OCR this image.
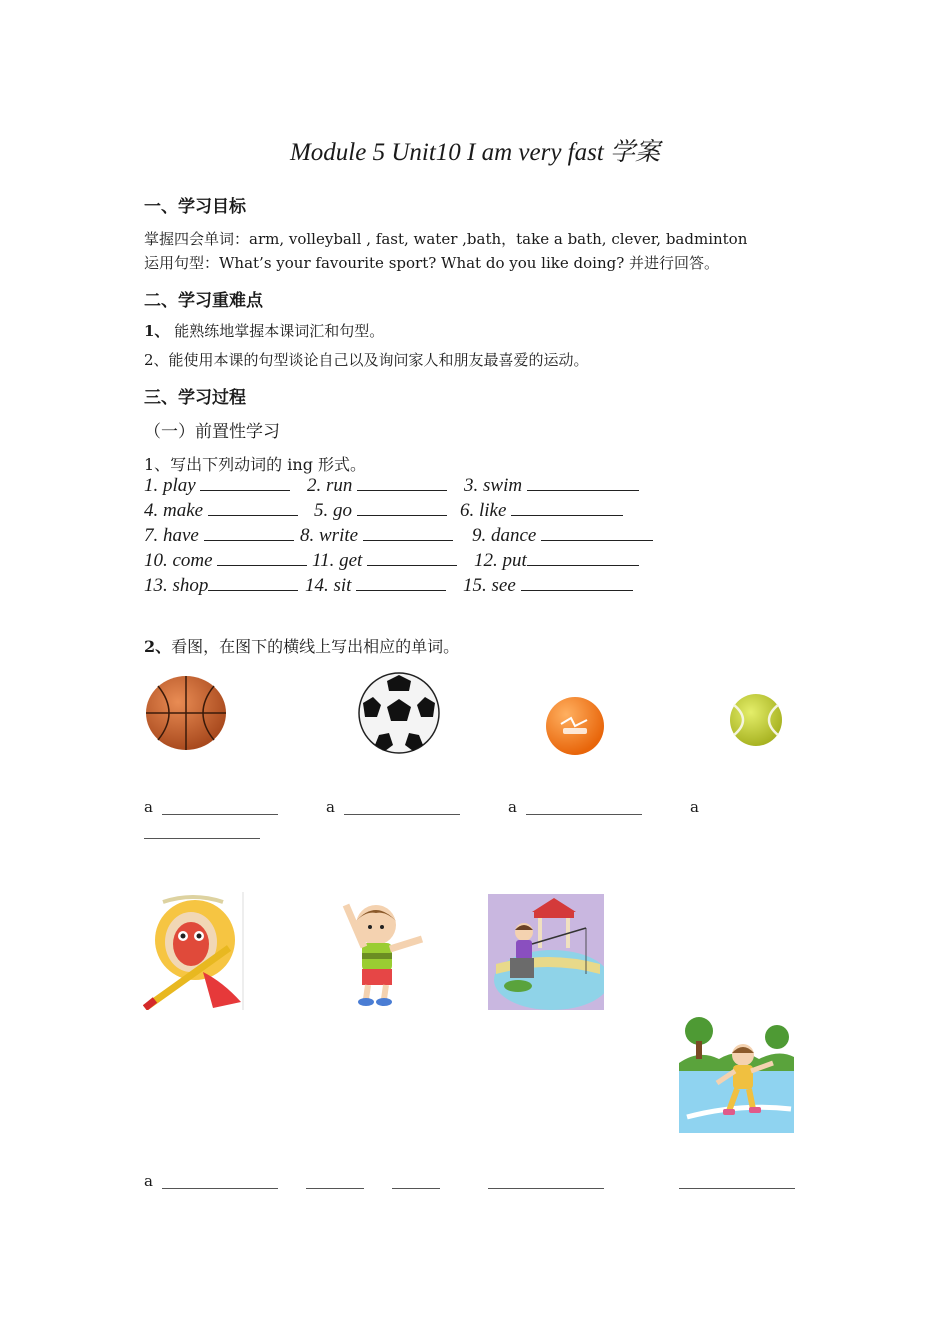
Module 5 Unit10 I am very fast 学案
一、学习目标
掌握四会单词：arm, volleyball , fast, water ,bath，take a bath, clever, badminton
运用句型：What’s your favourite sport? What do you like doing? 并进行回答。
二、学习重难点
1、 能熟练地掌握本课词汇和句型。
2、能使用本课的句型谈论自己以及询问家人和朋友最喜爱的运动。
三、学习过程
（一）前置性学习
1、写出下列动词的 ing 形式。
1. play	2. run	3. swim
4. make	5. go	6. like
7. have	8. write	9. dance
10. come	11. get	12. put
13. shop	14. sit	15. see
2、看图，在图下的横线上写出相应的单词。
a	a	a	a
a
